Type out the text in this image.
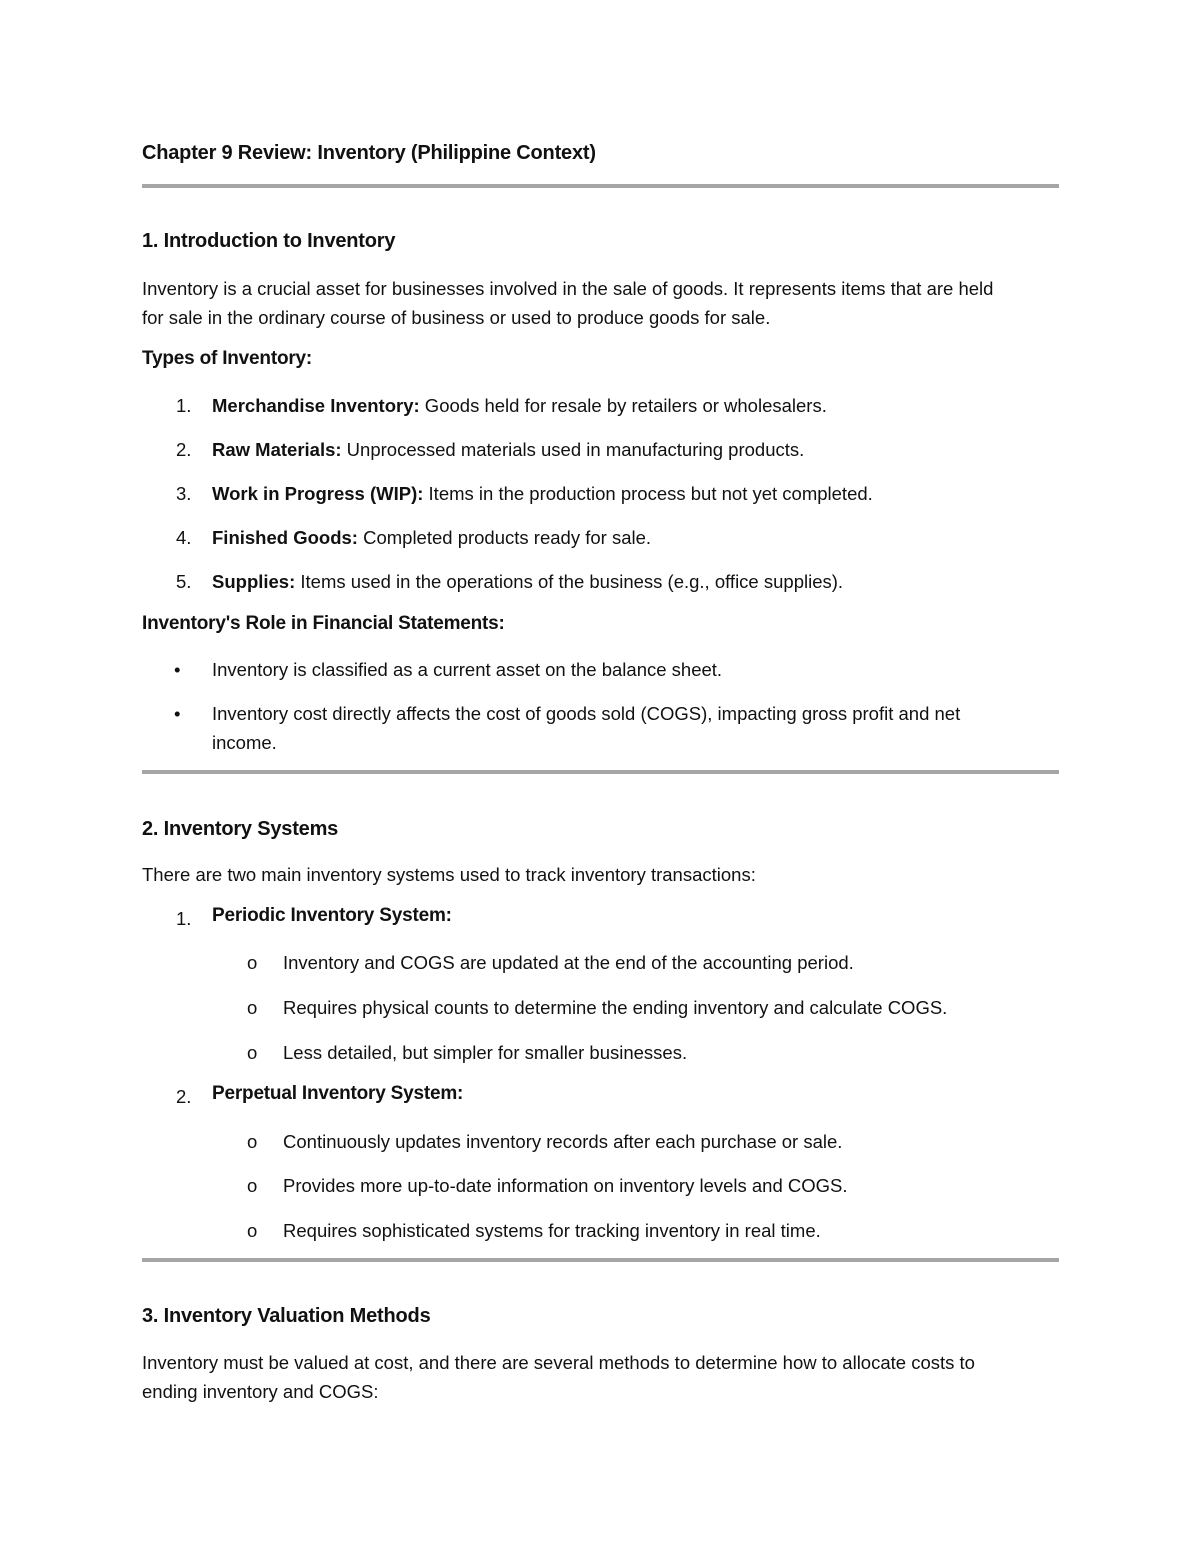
Chapter 9 Review: Inventory (Philippine Context)
1. Introduction to Inventory
Inventory is a crucial asset for businesses involved in the sale of goods. It represents items that are held
for sale in the ordinary course of business or used to produce goods for sale.
Types of Inventory:
1. Merchandise Inventory: Goods held for resale by retailers or wholesalers.
2. Raw Materials: Unprocessed materials used in manufacturing products.
3. Work in Progress (WIP): Items in the production process but not yet completed.
4. Finished Goods: Completed products ready for sale.
5. Supplies: Items used in the operations of the business (e.g., office supplies).
Inventory's Role in Financial Statements:
• Inventory is classified as a current asset on the balance sheet.
• Inventory cost directly affects the cost of goods sold (COGS), impacting gross profit and net
income.
2. Inventory Systems
There are two main inventory systems used to track inventory transactions:
1. Periodic Inventory System:
o Inventory and COGS are updated at the end of the accounting period.
o Requires physical counts to determine the ending inventory and calculate COGS.
o Less detailed, but simpler for smaller businesses.
2. Perpetual Inventory System:
o Continuously updates inventory records after each purchase or sale.
o Provides more up-to-date information on inventory levels and COGS.
o Requires sophisticated systems for tracking inventory in real time.
3. Inventory Valuation Methods
Inventory must be valued at cost, and there are several methods to determine how to allocate costs to
ending inventory and COGS:
